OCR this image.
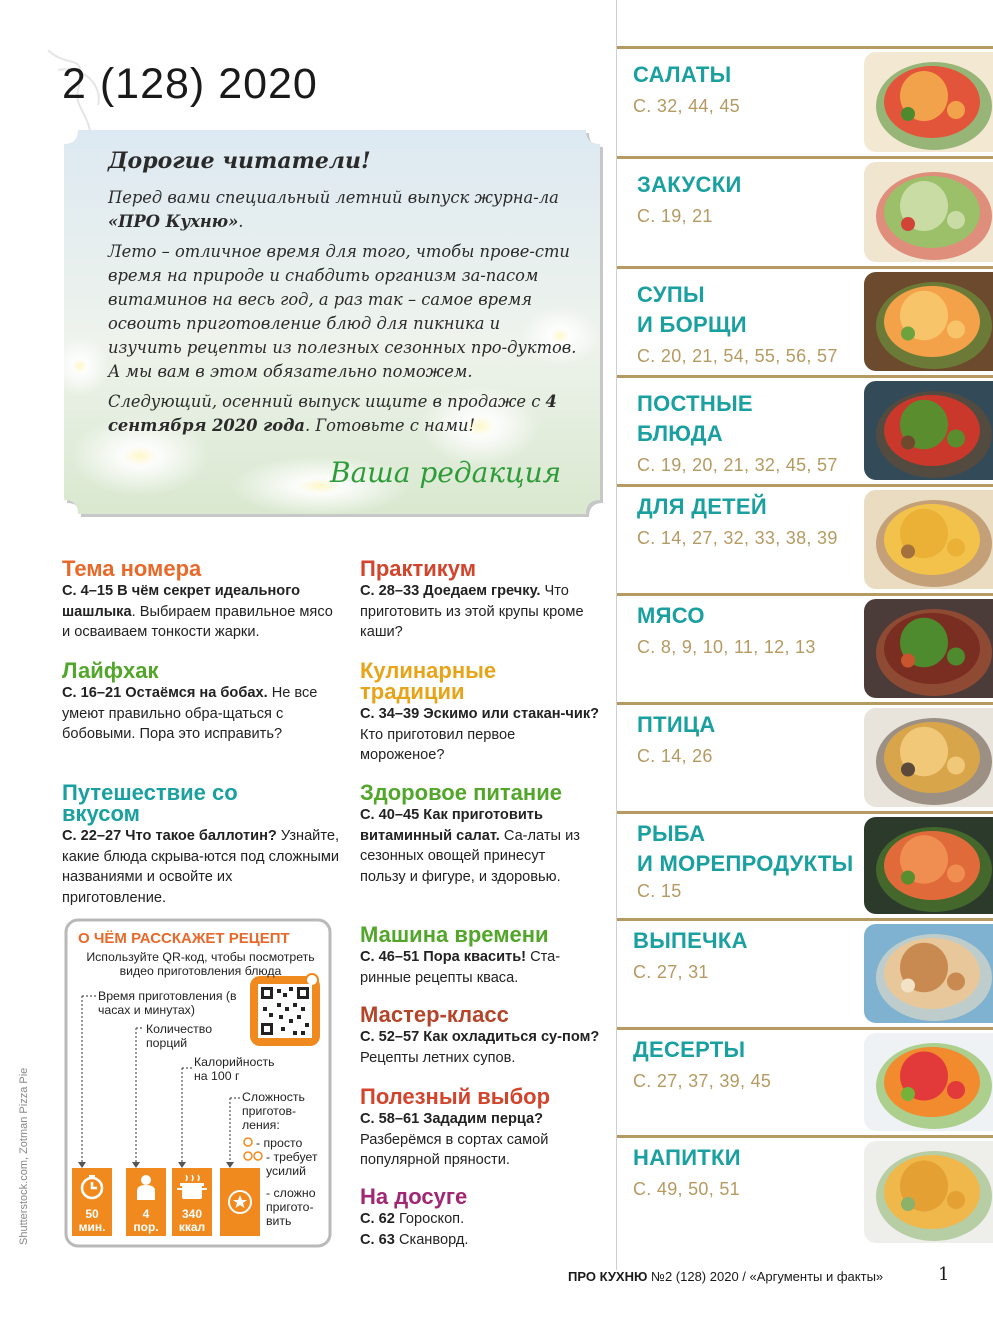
2 (128) 2020
Дорогие читатели!

Перед вами специальный летний выпуск журна-ла «ПРО Кухню».

Лето – отличное время для того, чтобы прове-сти время на природе и снабдить организм за-пасом витаминов на весь год, а раз так – самое время освоить приготовление блюд для пикника и изучить рецепты из полезных сезонных про-дуктов. А мы вам в этом обязательно поможем.

Следующий, осенний выпуск ищите в продаже с 4 сентября 2020 года. Готовьте с нами!

Ваша редакция
Тема номера
С. 4–15 В чём секрет идеального шашлыка. Выбираем правильное мясо и осваиваем тонкости жарки.
Лайфхак
С. 16–21 Остаёмся на бобах. Не все умеют правильно обра-щаться с бобовыми. Пора это исправить?
Путешествие со вкусом
С. 22–27 Что такое баллотин? Узнайте, какие блюда скрыва-ются под сложными названиями и освойте их приготовление.
Практикум
С. 28–33 Доедаем гречку. Что приготовить из этой крупы кроме каши?
Кулинарные традиции
С. 34–39 Эскимо или стакан-чик? Кто приготовил первое мороженое?
Здоровое питание
С. 40–45 Как приготовить витаминный салат. Са-латы из сезонных овощей принесут пользу и фигуре, и здоровью.
Машина времени
С. 46–51 Пора квасить! Ста-ринные рецепты кваса.
Мастер-класс
С. 52–57 Как охладиться су-пом? Рецепты летних супов.
Полезный выбор
С. 58–61 Зададим перца? Разберёмся в сортах самой популярной пряности.
На досуге
С. 62 Гороскоп.
С. 63 Сканворд.
О ЧЁМ РАССКАЖЕТ РЕЦЕПТ
Используйте QR-код, чтобы посмотреть видео приготовления блюда
Время приготовления (в часах и минутах)
Количество порций
Калорийность на 100 г
Сложность приготов-ления:
- просто
- требует усилий
- сложно пригото-вить
50
мин.
4
пор.
340
ккал
САЛАТЫ
С. 32, 44, 45
ЗАКУСКИ
С. 19, 21
СУПЫ
И БОРЩИ
С. 20, 21, 54, 55, 56, 57
ПОСТНЫЕ
БЛЮДА
С. 19, 20, 21, 32, 45, 57
ДЛЯ ДЕТЕЙ
С. 14, 27, 32, 33, 38, 39
МЯСО
С. 8, 9, 10, 11, 12, 13
ПТИЦА
С. 14, 26
РЫБА
И МОРЕПРОДУКТЫ
С. 15
ВЫПЕЧКА
С. 27, 31
ДЕСЕРТЫ
С. 27, 37, 39, 45
НАПИТКИ
С. 49, 50, 51
Shutterstock.com, Zotman Pizza Pie
ПРО КУХНЮ №2 (128) 2020 / «Аргументы и факты»	1
